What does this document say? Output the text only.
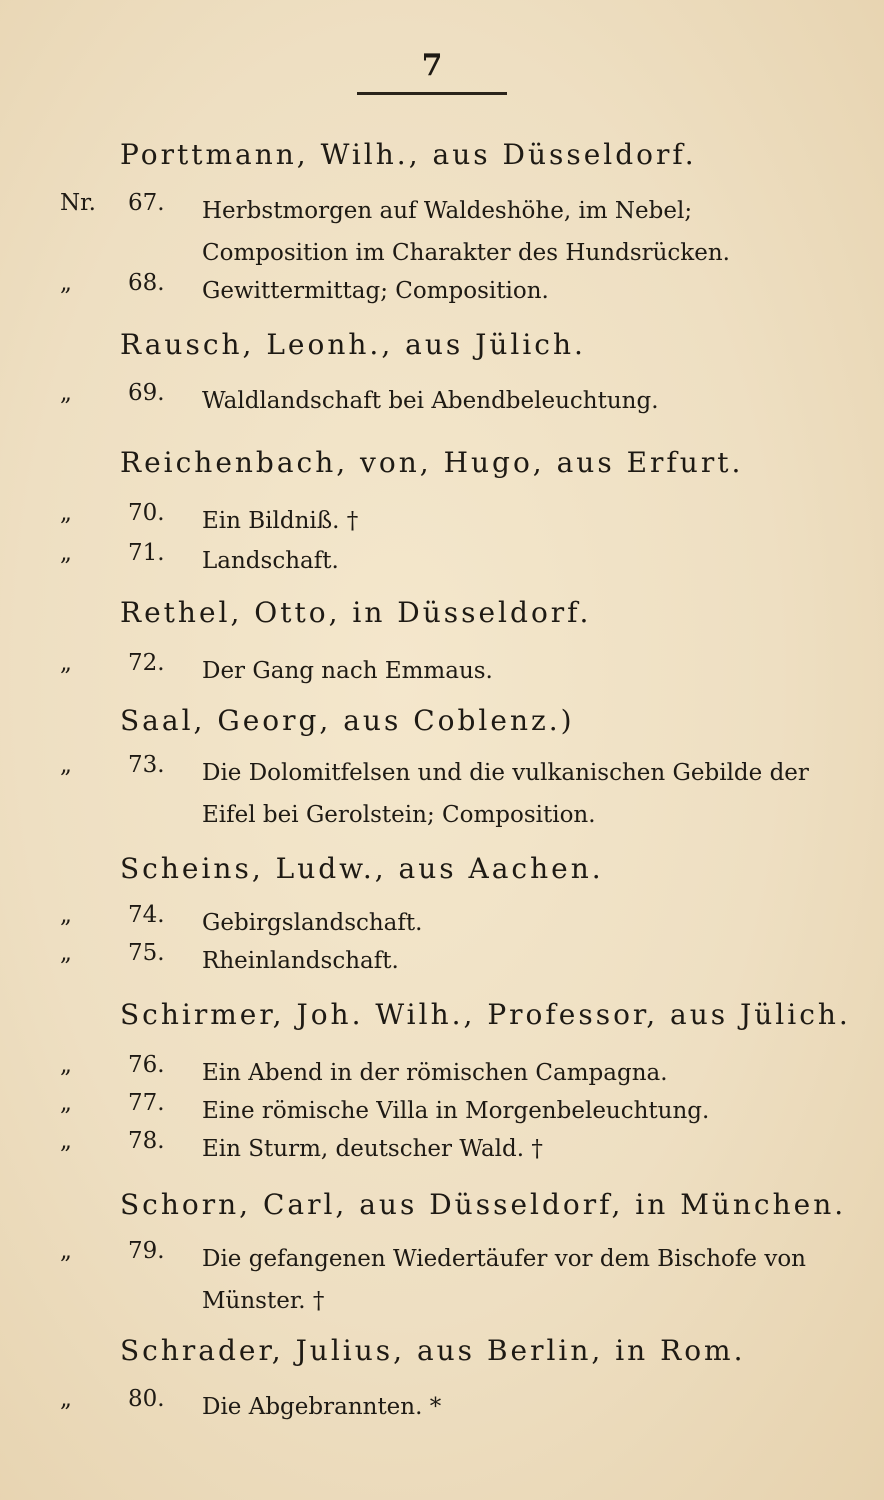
7
Porttmann, Wilh., aus Düsseldorf.
Nr. 67. Herbstmorgen auf Waldeshöhe, im Nebel; Composition im Charakter des Hundsrücken.
„ 68. Gewittermittag; Composition.
Rausch, Leonh., aus Jülich.
„ 69. Waldlandschaft bei Abendbeleuchtung.
Reichenbach, von, Hugo, aus Erfurt.
„ 70. Ein Bildniß. †
„ 71. Landschaft.
Rethel, Otto, in Düsseldorf.
„ 72. Der Gang nach Emmaus.
Saal, Georg, aus Coblenz.)
„ 73. Die Dolomitfelsen und die vulkanischen Gebilde der Eifel bei Gerolstein; Composition.
Scheins, Ludw., aus Aachen.
„ 74. Gebirgslandschaft.
„ 75. Rheinlandschaft.
Schirmer, Joh. Wilh., Professor, aus Jülich.
„ 76. Ein Abend in der römischen Campagna.
„ 77. Eine römische Villa in Morgenbeleuchtung.
„ 78. Ein Sturm, deutscher Wald. †
Schorn, Carl, aus Düsseldorf, in München.
„ 79. Die gefangenen Wiedertäufer vor dem Bischofe von Münster. †
Schrader, Julius, aus Berlin, in Rom.
„ 80. Die Abgebrannten. *
